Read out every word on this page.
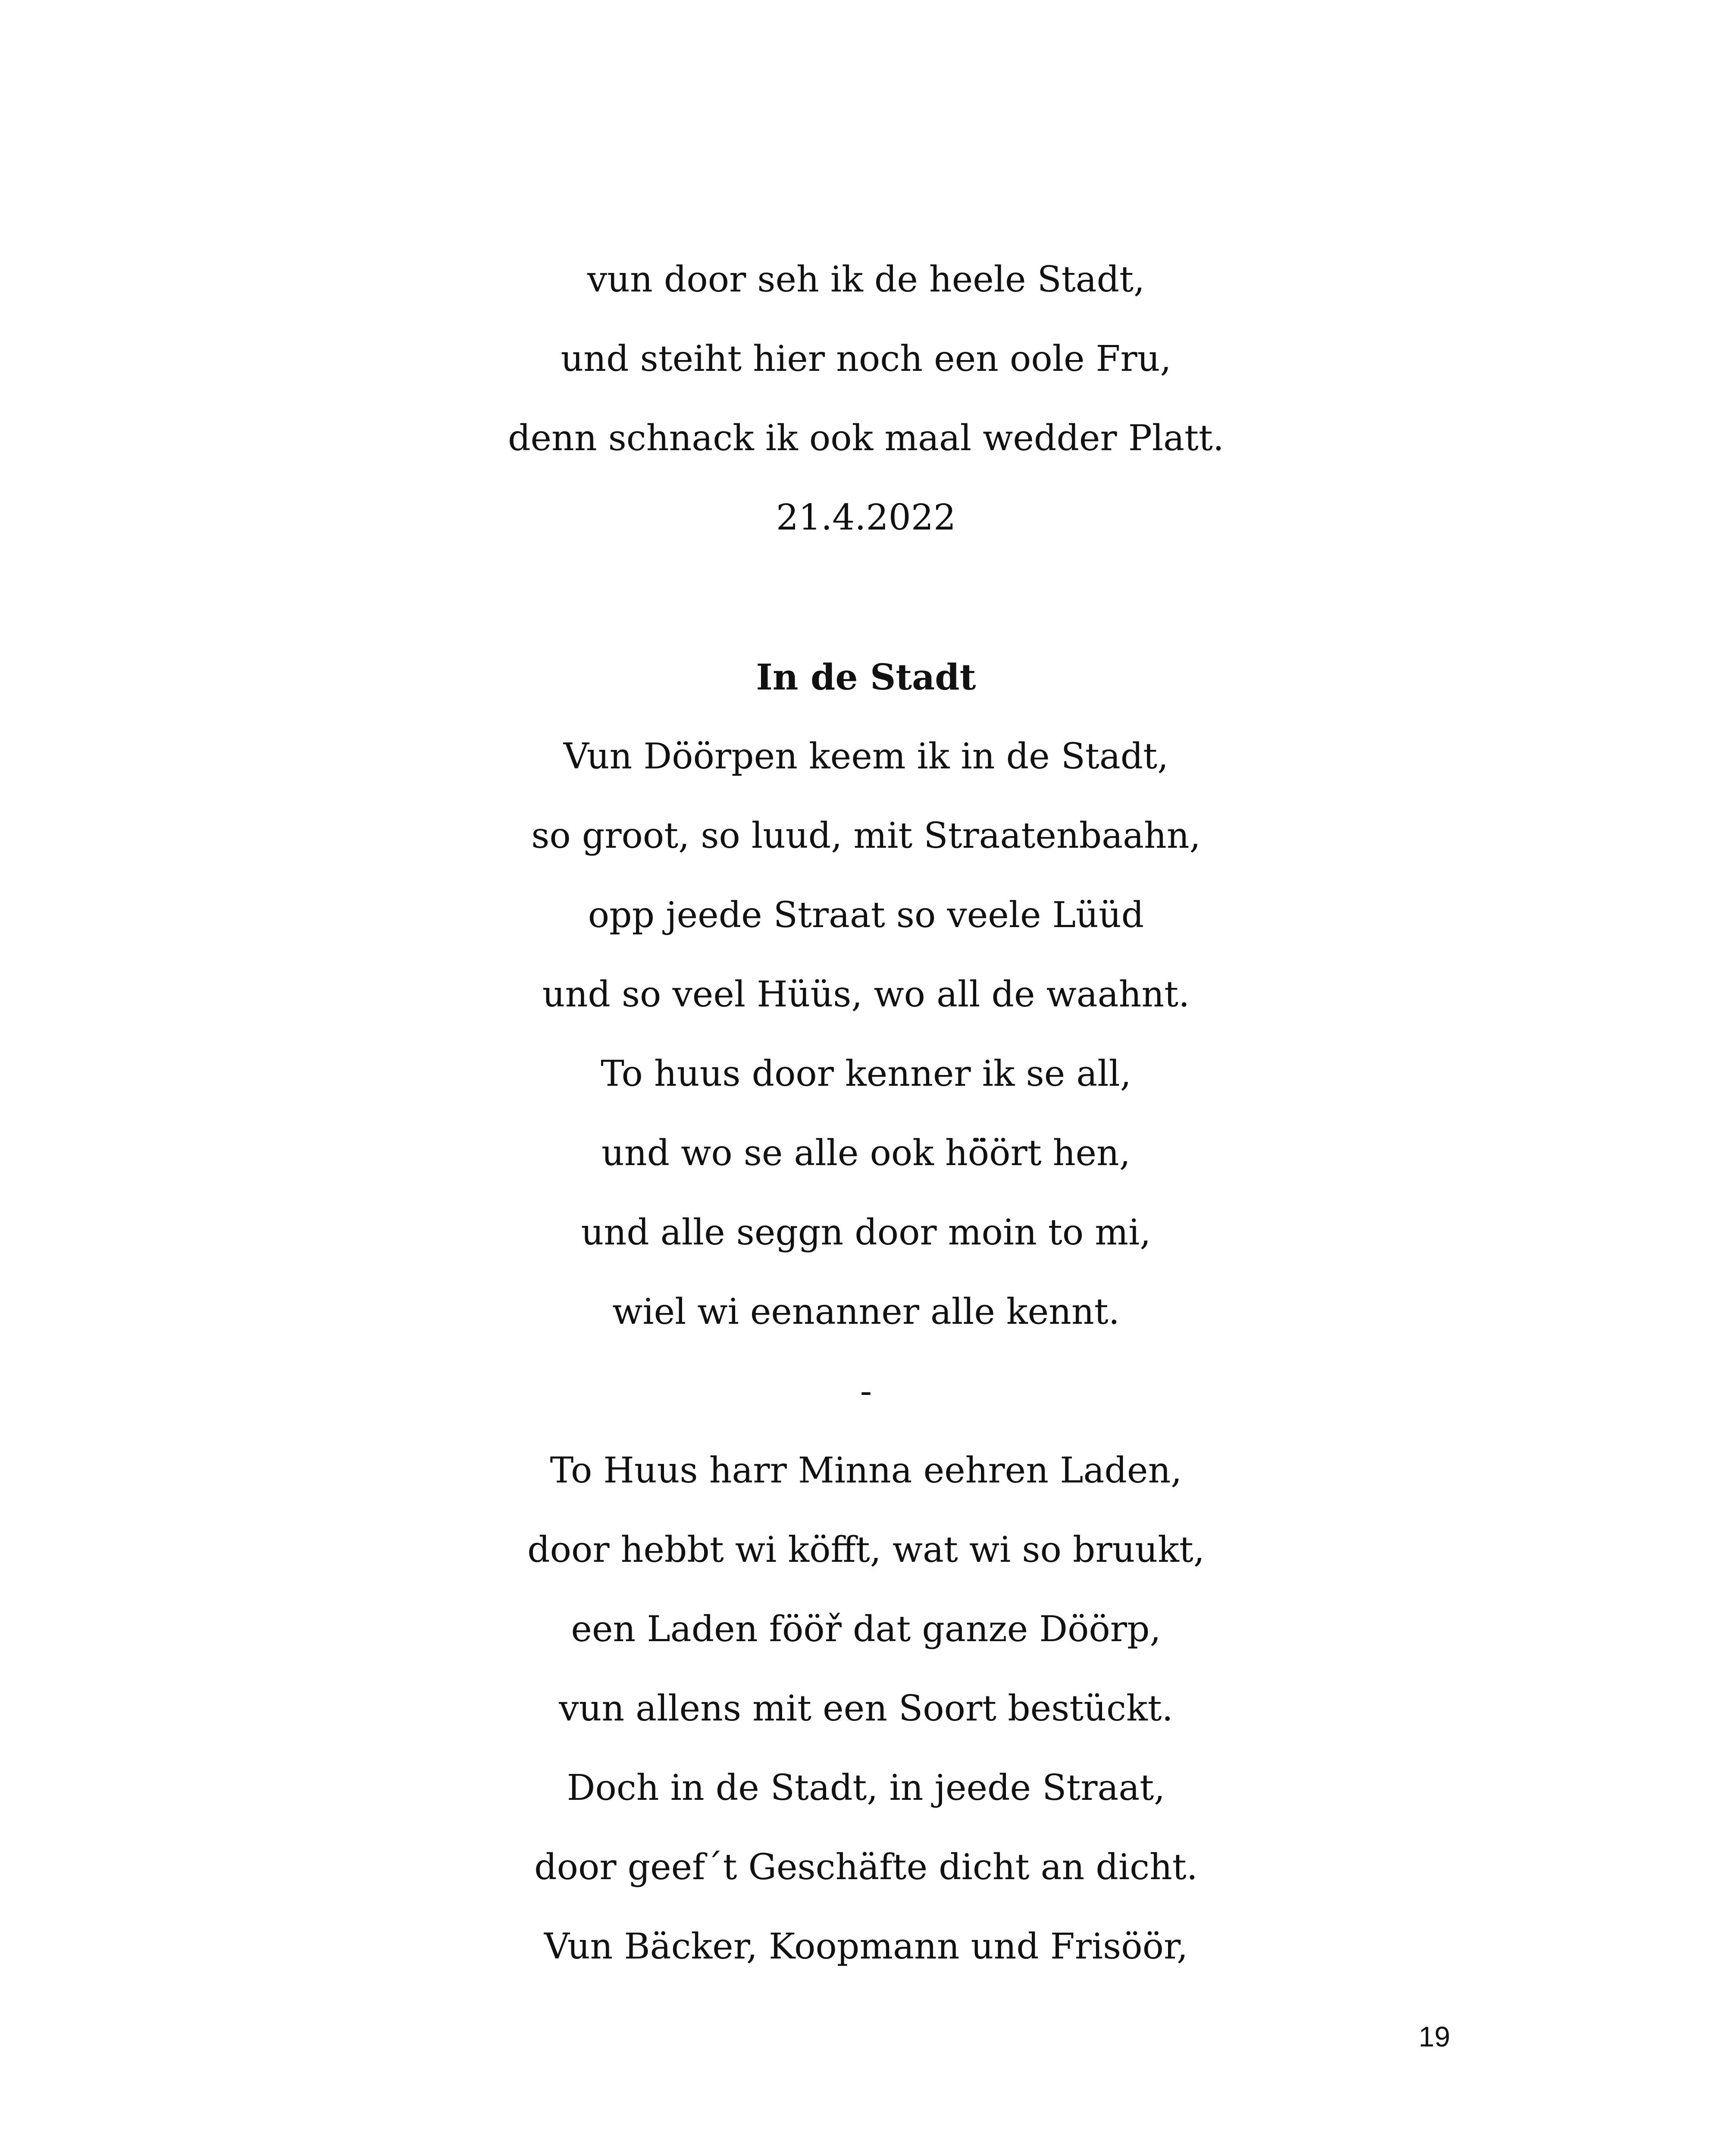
vun door seh ik de heele Stadt,
und steiht hier noch een oole Fru,
denn schnack ik ook maal wedder Platt.
21.4.2022
In de Stadt
Vun Döörpen keem ik in de Stadt,
so groot, so luud, mit Straatenbaahn,
opp jeede Straat so veele Lüüd
und so veel Hüüs, wo all de waahnt.
To huus door kenner ik se all,
und wo se alle ook hö̈ört hen,
und alle seggn door moin to mi,
wiel wi eenanner alle kennt.
-
To Huus harr Minna eehren Laden,
door hebbt wi köfft, wat wi so bruukt,
een Laden fööř dat ganze Döörp,
vun allens mit een Soort bestückt.
Doch in de Stadt, in jeede Straat,
door geef´t Geschäfte dicht an dicht.
Vun Bäcker, Koopmann und Frisöör,
19
